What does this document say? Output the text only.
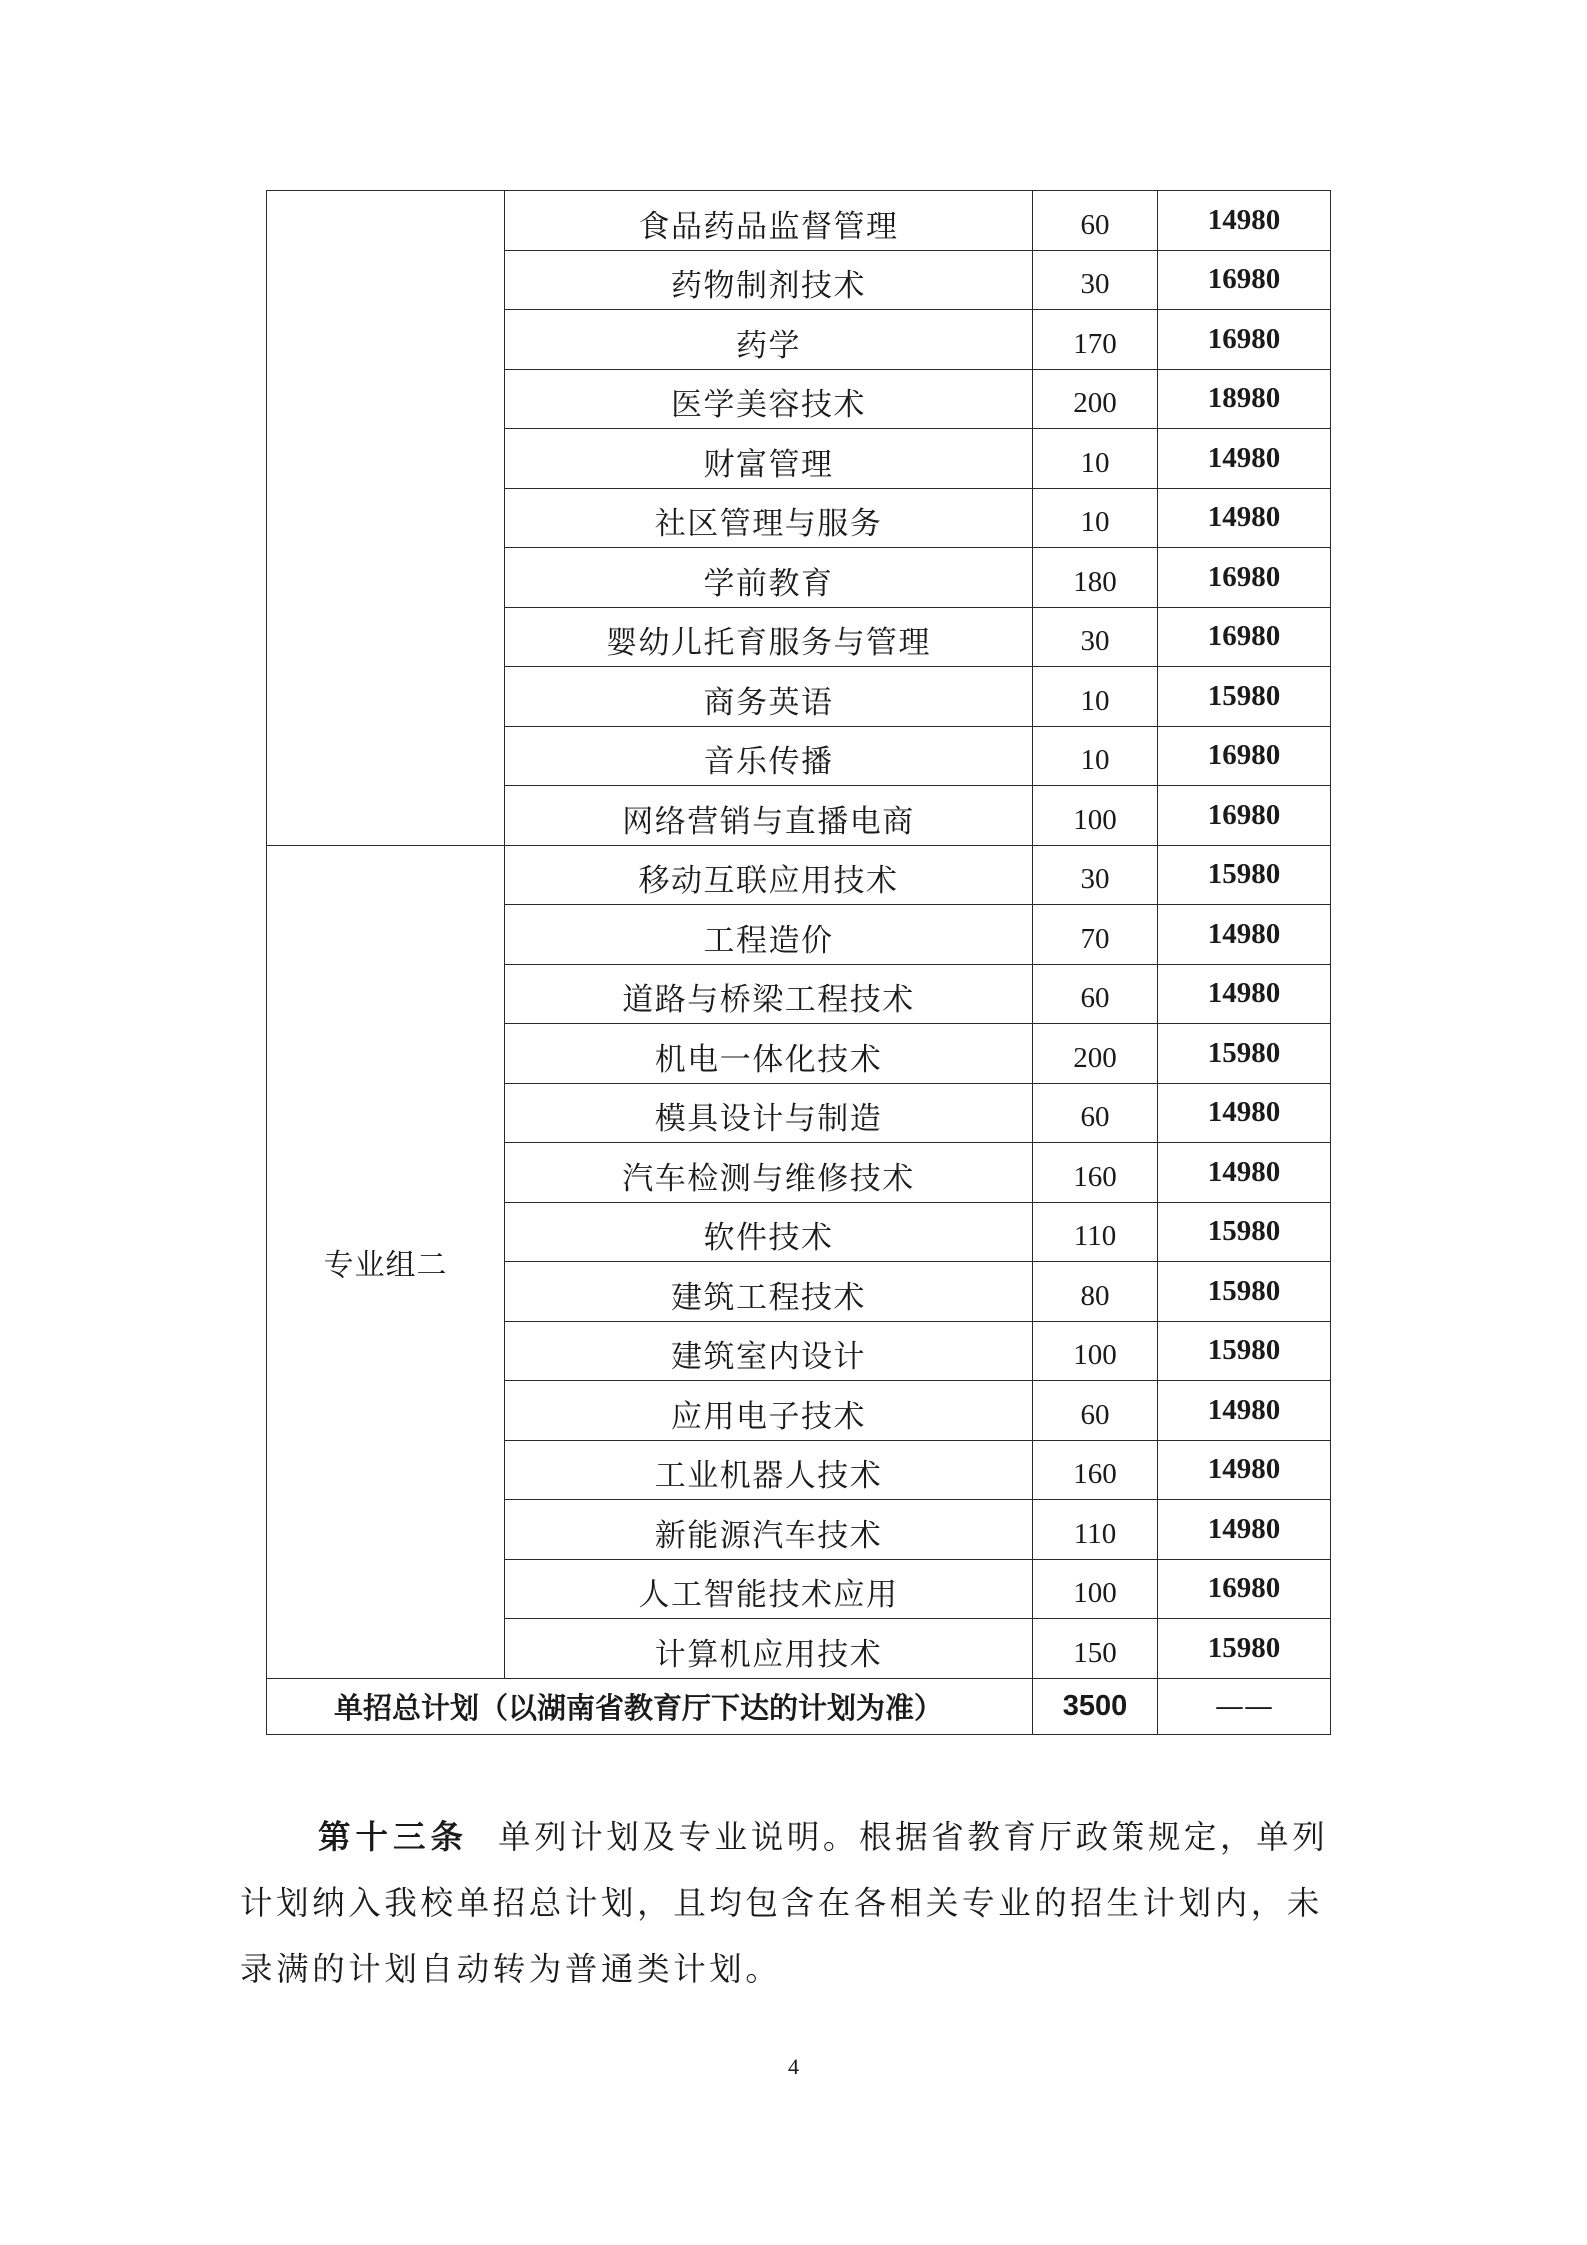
	食品药品监督管理	60	14980
	药物制剂技术	30	16980
	药学	170	16980
	医学美容技术	200	18980
	财富管理	10	14980
	社区管理与服务	10	14980
	学前教育	180	16980
	婴幼儿托育服务与管理	30	16980
	商务英语	10	15980
	音乐传播	10	16980
	网络营销与直播电商	100	16980
专业组二	移动互联应用技术	30	15980
	工程造价	70	14980
	道路与桥梁工程技术	60	14980
	机电一体化技术	200	15980
	模具设计与制造	60	14980
	汽车检测与维修技术	160	14980
	软件技术	110	15980
	建筑工程技术	80	15980
	建筑室内设计	100	15980
	应用电子技术	60	14980
	工业机器人技术	160	14980
	新能源汽车技术	110	14980
	人工智能技术应用	100	16980
	计算机应用技术	150	15980
单招总计划（以湖南省教育厅下达的计划为准）		3500	——
第十三条 单列计划及专业说明。根据省教育厅政策规定，单列
计划纳入我校单招总计划，且均包含在各相关专业的招生计划内，未
录满的计划自动转为普通类计划。
4
